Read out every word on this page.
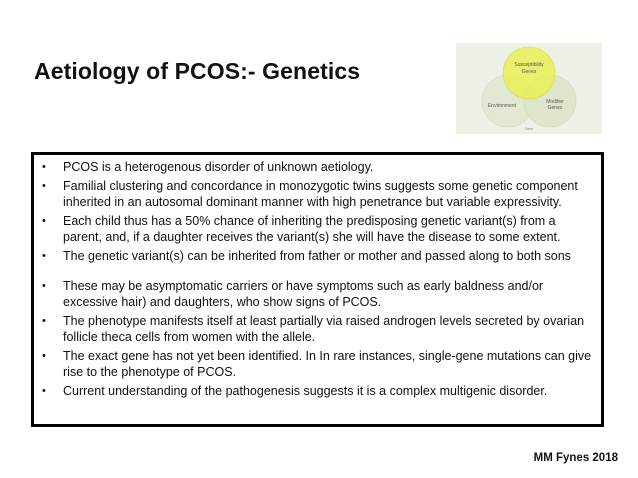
Aetiology of PCOS:- Genetics	Susceptibility
Genes
Environment
Modifier
Genes
Gene
• PCOS is a heterogenous disorder of unknown aetiology.
• Familial clustering and concordance in monozygotic twins suggests some genetic component inherited in an autosomal dominant manner with high penetrance but variable expressivity.
• Each child thus has a 50% chance of inheriting the predisposing genetic variant(s) from a parent, and, if a daughter receives the variant(s) she will have the disease to some extent.
• The genetic variant(s) can be inherited from father or mother and passed along to both sons
• These may be asymptomatic carriers or have symptoms such as early baldness and/or excessive hair) and daughters, who show signs of PCOS.
• The phenotype manifests itself at least partially via raised androgen levels secreted by ovarian follicle theca cells from women with the allele.
• The exact gene has not yet been identified. In In rare instances, single-gene mutations can give rise to the phenotype of PCOS.
• Current understanding of the pathogenesis suggests it is a complex multigenic disorder.
MM Fynes 2018
